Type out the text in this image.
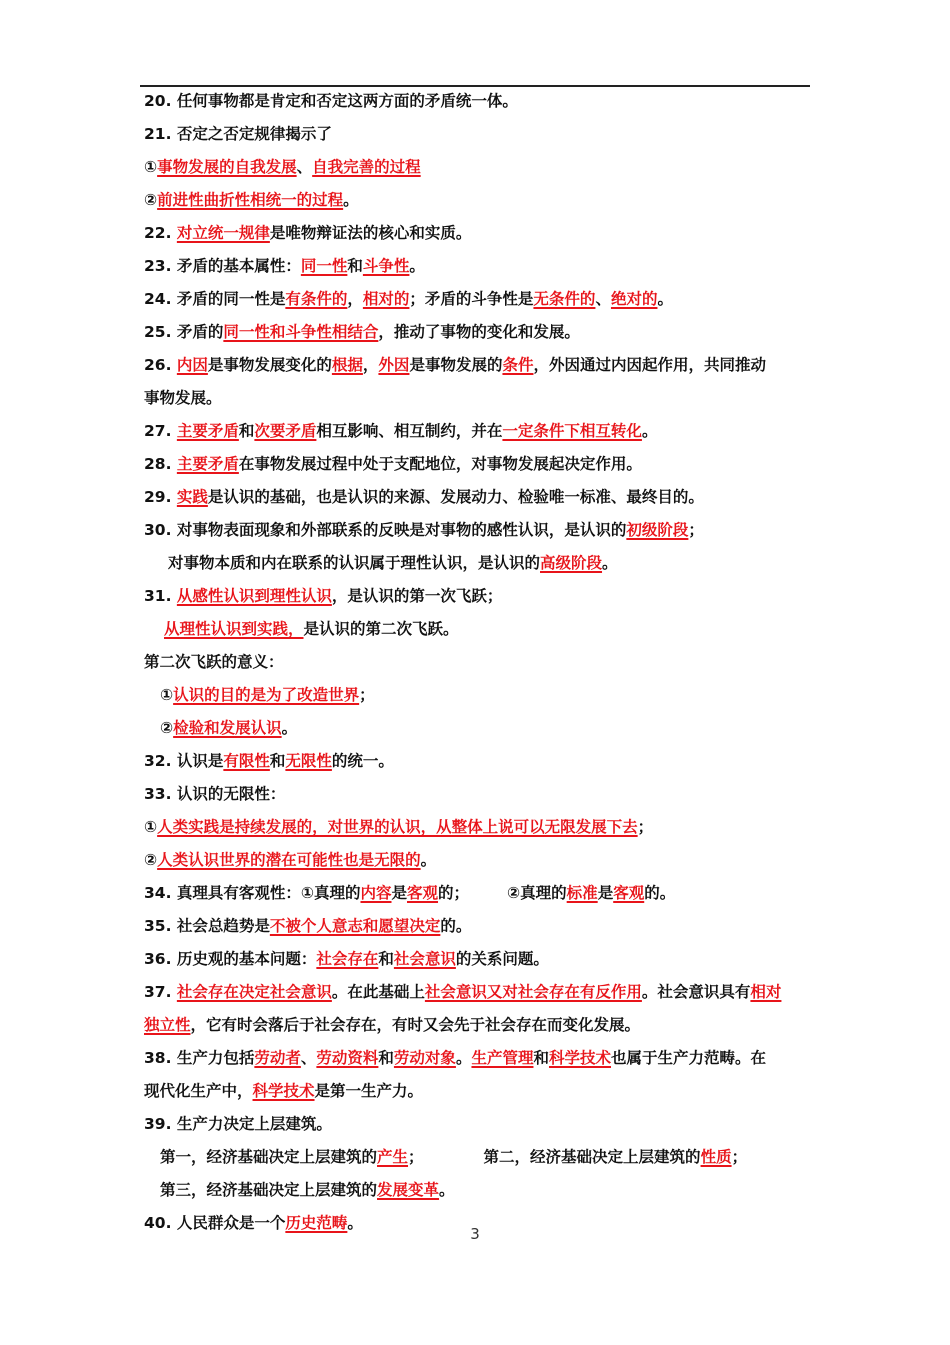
20. 任何事物都是肯定和否定这两方面的矛盾统一体。
21. 否定之否定规律揭示了
①事物发展的自我发展、自我完善的过程
②前进性曲折性相统一的过程。
22. 对立统一规律是唯物辩证法的核心和实质。
23. 矛盾的基本属性：同一性和斗争性。
24. 矛盾的同一性是有条件的，相对的；矛盾的斗争性是无条件的、绝对的。
25. 矛盾的同一性和斗争性相结合，推动了事物的变化和发展。
26. 内因是事物发展变化的根据，外因是事物发展的条件，外因通过内因起作用，共同推动
事物发展。
27. 主要矛盾和次要矛盾相互影响、相互制约，并在一定条件下相互转化。
28. 主要矛盾在事物发展过程中处于支配地位，对事物发展起决定作用。
29. 实践是认识的基础，也是认识的来源、发展动力、检验唯一标准、最终目的。
30. 对事物表面现象和外部联系的反映是对事物的感性认识，是认识的初级阶段；
对事物本质和内在联系的认识属于理性认识，是认识的高级阶段。
31. 从感性认识到理性认识，是认识的第一次飞跃；
从理性认识到实践，是认识的第二次飞跃。
第二次飞跃的意义：
①认识的目的是为了改造世界；
②检验和发展认识。
32. 认识是有限性和无限性的统一。
33. 认识的无限性：
①人类实践是持续发展的，对世界的认识，从整体上说可以无限发展下去；
②人类认识世界的潜在可能性也是无限的。
34. 真理具有客观性：①真理的内容是客观的； ②真理的标准是客观的。
35. 社会总趋势是不被个人意志和愿望决定的。
36. 历史观的基本问题：社会存在和社会意识的关系问题。
37. 社会存在决定社会意识。在此基础上社会意识又对社会存在有反作用。社会意识具有相对
独立性，它有时会落后于社会存在，有时又会先于社会存在而变化发展。
38. 生产力包括劳动者、劳动资料和劳动对象。生产管理和科学技术也属于生产力范畴。在
现代化生产中，科学技术是第一生产力。
39. 生产力决定上层建筑。
第一，经济基础决定上层建筑的产生；	第二，经济基础决定上层建筑的性质；
第三，经济基础决定上层建筑的发展变革。
40. 人民群众是一个历史范畴。
3
